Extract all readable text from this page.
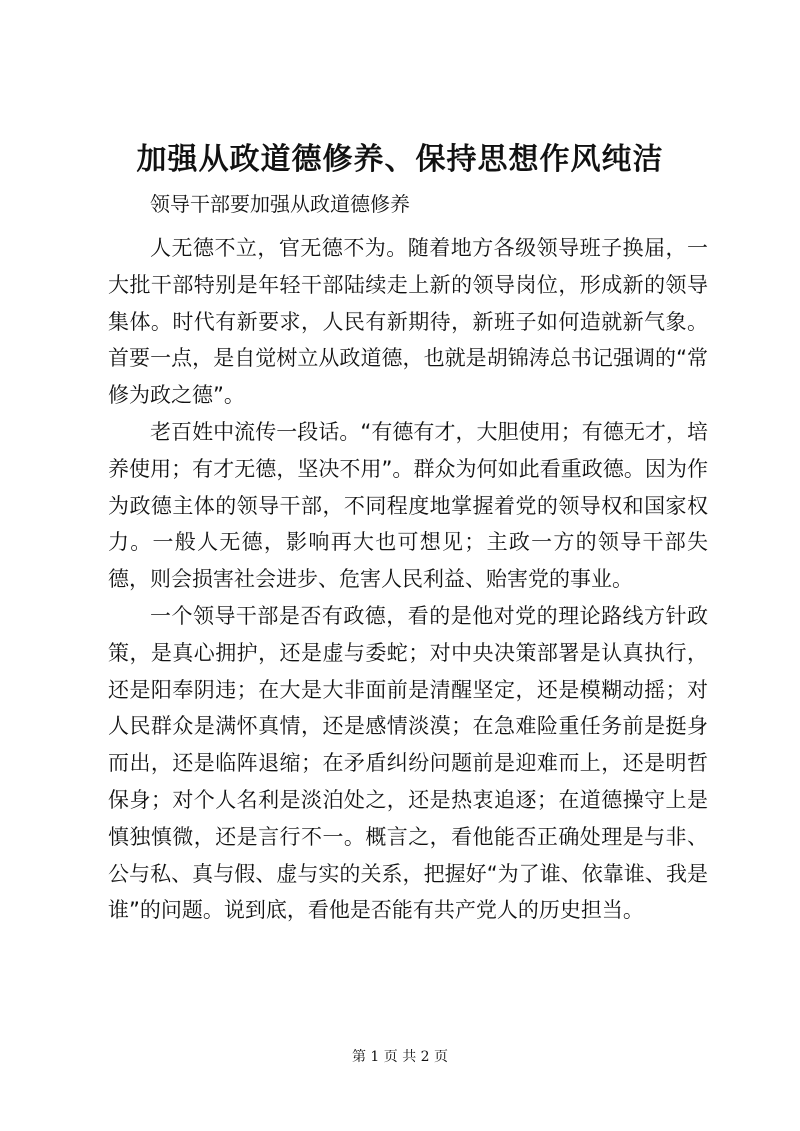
加强从政道德修养、保持思想作风纯洁
领导干部要加强从政道德修养

人无德不立，官无德不为。随着地方各级领导班子换届，一大批干部特别是年轻干部陆续走上新的领导岗位，形成新的领导集体。时代有新要求，人民有新期待，新班子如何造就新气象。首要一点，是自觉树立从政道德，也就是胡锦涛总书记强调的“常修为政之德”。

老百姓中流传一段话。“有德有才，大胆使用；有德无才，培养使用；有才无德，坚决不用”。群众为何如此看重政德。因为作为政德主体的领导干部，不同程度地掌握着党的领导权和国家权力。一般人无德，影响再大也可想见；主政一方的领导干部失德，则会损害社会进步、危害人民利益、贻害党的事业。

一个领导干部是否有政德，看的是他对党的理论路线方针政策，是真心拥护，还是虚与委蛇；对中央决策部署是认真执行，还是阳奉阴违；在大是大非面前是清醒坚定，还是模糊动摇；对人民群众是满怀真情，还是感情淡漠；在急难险重任务前是挺身而出，还是临阵退缩；在矛盾纠纷问题前是迎难而上，还是明哲保身；对个人名利是淡泊处之，还是热衷追逐；在道德操守上是慎独慎微，还是言行不一。概言之，看他能否正确处理是与非、公与私、真与假、虚与实的关系，把握好“为了谁、依靠谁、我是谁”的问题。说到底，看他是否能有共产党人的历史担当。

第 1 页 共 2 页
